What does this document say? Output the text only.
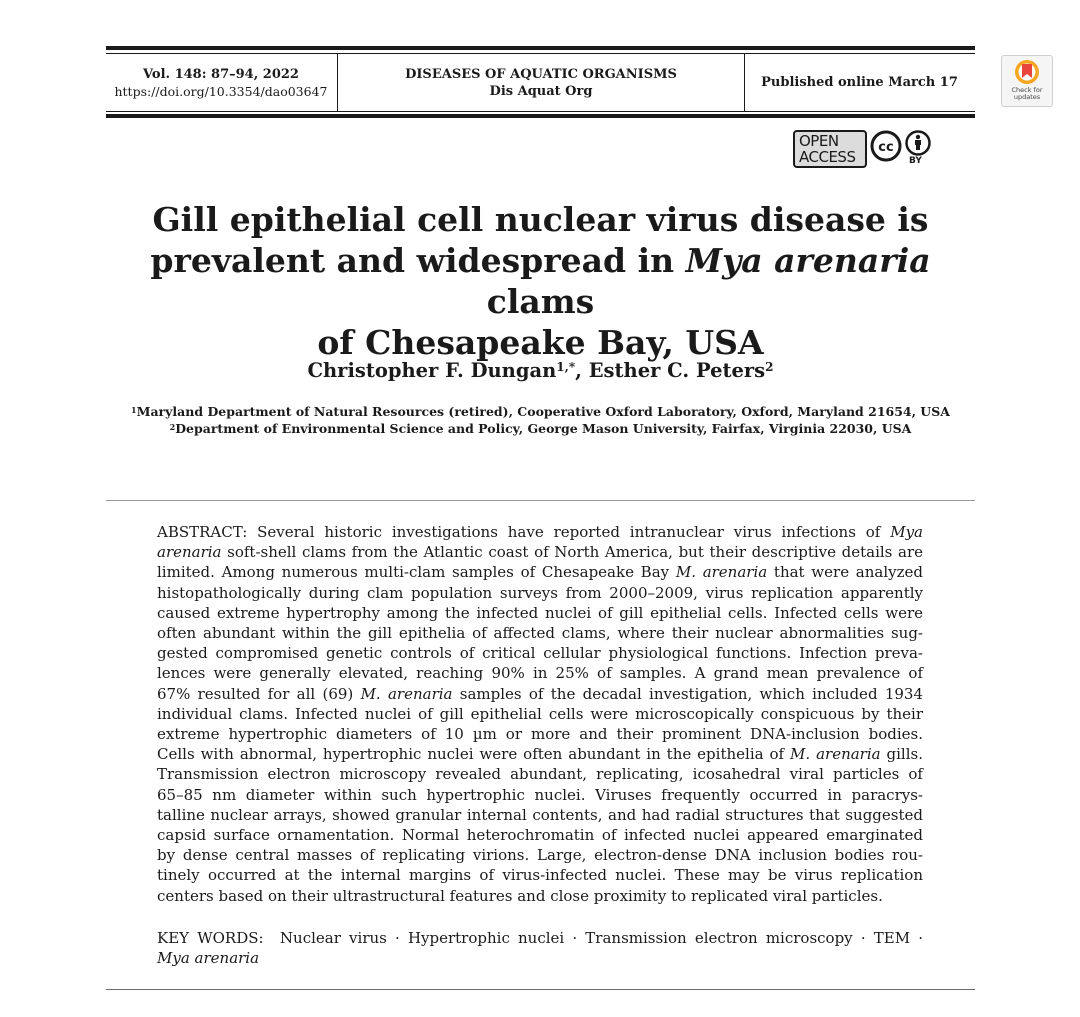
Vol. 148: 87–94, 2022
https://doi.org/10.3354/dao03647
DISEASES OF AQUATIC ORGANISMS
Dis Aquat Org
Published online March 17	Check for updates
OPEN
ACCESS
cc
BY
Gill epithelial cell nuclear virus disease is
prevalent and widespread in Mya arenaria clams
of Chesapeake Bay, USA
Christopher F. Dungan$^{1,*}$, Esther C. Peters$^2$
$^1$Maryland Department of Natural Resources (retired), Cooperative Oxford Laboratory, Oxford, Maryland 21654, USA
$^2$Department of Environmental Science and Policy, George Mason University, Fairfax, Virginia 22030, USA
ABSTRACT: Several historic investigations have reported intranuclear virus infections of Mya
arenaria soft-shell clams from the Atlantic coast of North America, but their descriptive details are
limited. Among numerous multi-clam samples of Chesapeake Bay M. arenaria that were analyzed
histopathologically during clam population surveys from 2000–2009, virus replication apparently
caused extreme hypertrophy among the infected nuclei of gill epithelial cells. Infected cells were
often abundant within the gill epithelia of affected clams, where their nuclear abnormalities sug-
gested compromised genetic controls of critical cellular physiological functions. Infection preva-
lences were generally elevated, reaching 90% in 25% of samples. A grand mean prevalence of
67% resulted for all (69) M. arenaria samples of the decadal investigation, which included 1934
individual clams. Infected nuclei of gill epithelial cells were microscopically conspicuous by their
extreme hypertrophic diameters of 10 µm or more and their prominent DNA-inclusion bodies.
Cells with abnormal, hypertrophic nuclei were often abundant in the epithelia of M. arenaria gills.
Transmission electron microscopy revealed abundant, replicating, icosahedral viral particles of
65–85 nm diameter within such hypertrophic nuclei. Viruses frequently occurred in paracrys-
talline nuclear arrays, showed granular internal contents, and had radial structures that suggested
capsid surface ornamentation. Normal heterochromatin of infected nuclei appeared emarginated
by dense central masses of replicating virions. Large, electron-dense DNA inclusion bodies rou-
tinely occurred at the internal margins of virus-infected nuclei. These may be virus replication
centers based on their ultrastructural features and close proximity to replicated viral particles.
KEY WORDS: Nuclear virus · Hypertrophic nuclei · Transmission electron microscopy · TEM ·
Mya arenaria
